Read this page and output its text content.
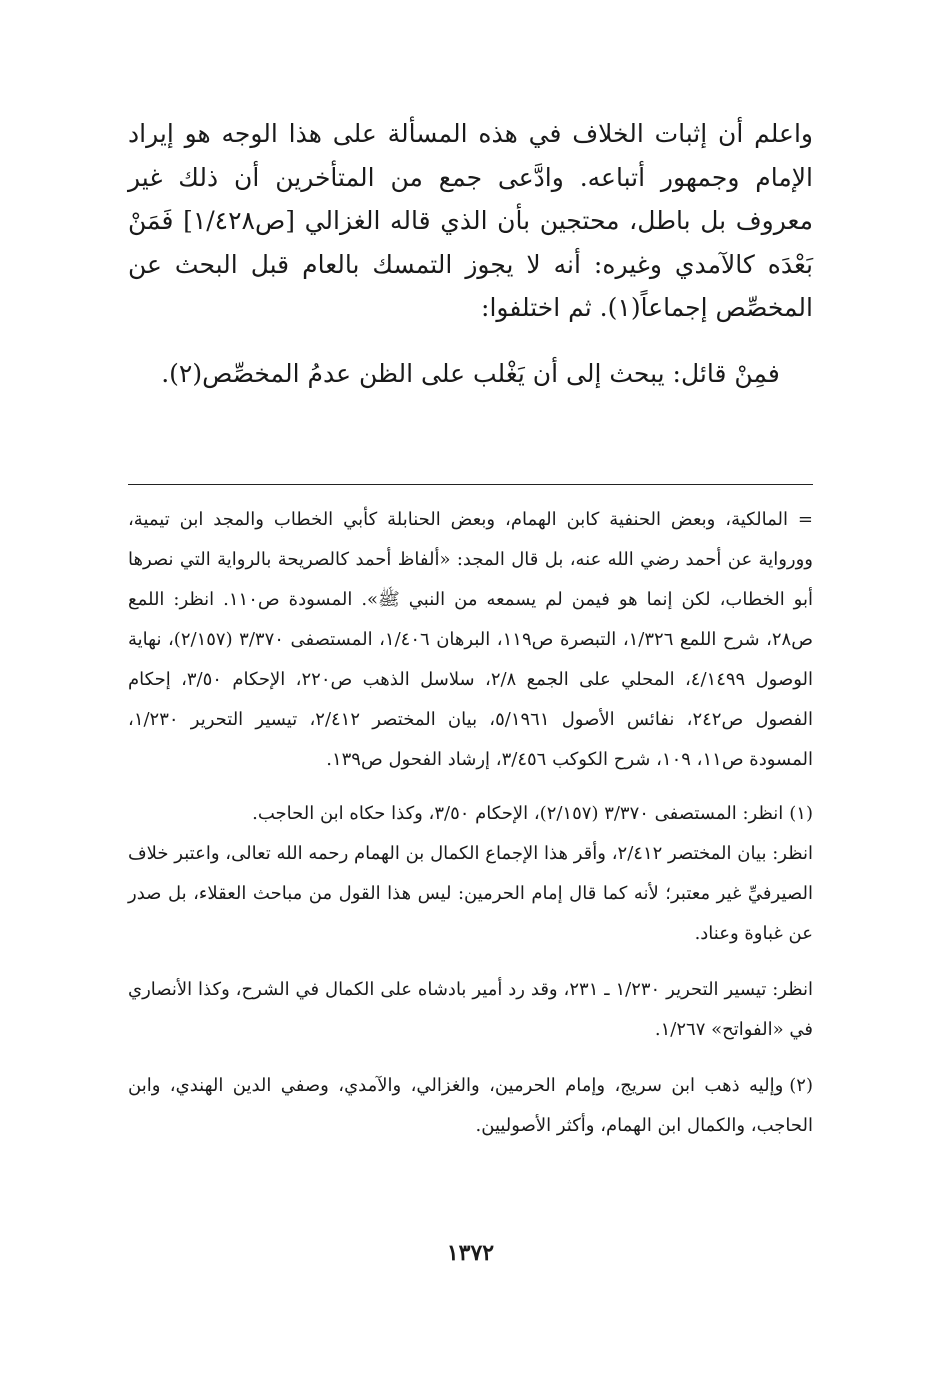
واعلم أن إثبات الخلاف في هذه المسألة على هذا الوجه هو إيراد الإمام وجمهور أتباعه. وادَّعى جمع من المتأخرين أن ذلك غير معروف بل باطل، محتجين بأن الذي قاله الغزالي [ص١/٤٢٨] فَمَنْ بَعْدَه كالآمدي وغيره: أنه لا يجوز التمسك بالعام قبل البحث عن المخصِّص إجماعاً(١). ثم اختلفوا:

فمِنْ قائل: يبحث إلى أن يَغْلب على الظن عدمُ المخصِّص(٢).

= المالكية، وبعض الحنفية كابن الهمام، وبعض الحنابلة كأبي الخطاب والمجد ابن تيمية، وورواية عن أحمد رضي الله عنه، بل قال المجد: «ألفاظ أحمد كالصريحة بالرواية التي نصرها أبو الخطاب، لكن إنما هو فيمن لم يسمعه من النبي ﷺ». المسودة ص١١٠. انظر: اللمع ص٢٨، شرح اللمع ١/٣٢٦، التبصرة ص١١٩، البرهان ١/٤٠٦، المستصفى ٣/٣٧٠ (٢/١٥٧)، نهاية الوصول ٤/١٤٩٩، المحلي على الجمع ٢/٨، سلاسل الذهب ص٢٢٠، الإحكام ٣/٥٠، إحكام الفصول ص٢٤٢، نفائس الأصول ٥/١٩٦١، بيان المختصر ٢/٤١٢، تيسير التحرير ١/٢٣٠، المسودة ص١١، ١٠٩، شرح الكوكب ٣/٤٥٦، إرشاد الفحول ص١٣٩.

(١)انظر: المستصفى ٣/٣٧٠ (٢/١٥٧)، الإحكام ٣/٥٠، وكذا حكاه ابن الحاجب.

انظر: بيان المختصر ٢/٤١٢، وأقر هذا الإجماع الكمال بن الهمام رحمه الله تعالى، واعتبر خلاف الصيرفيِّ غير معتبر؛ لأنه كما قال إمام الحرمين: ليس هذا القول من مباحث العقلاء، بل صدر عن غباوة وعناد.

انظر: تيسير التحرير ١/٢٣٠ ـ ٢٣١، وقد رد أمير بادشاه على الكمال في الشرح، وكذا الأنصاري في «الفواتح» ١/٢٦٧.

(٢)وإليه ذهب ابن سريج، وإمام الحرمين، والغزالي، والآمدي، وصفي الدين الهندي، وابن الحاجب، والكمال ابن الهمام، وأكثر الأصوليين.

١٣٧٢
